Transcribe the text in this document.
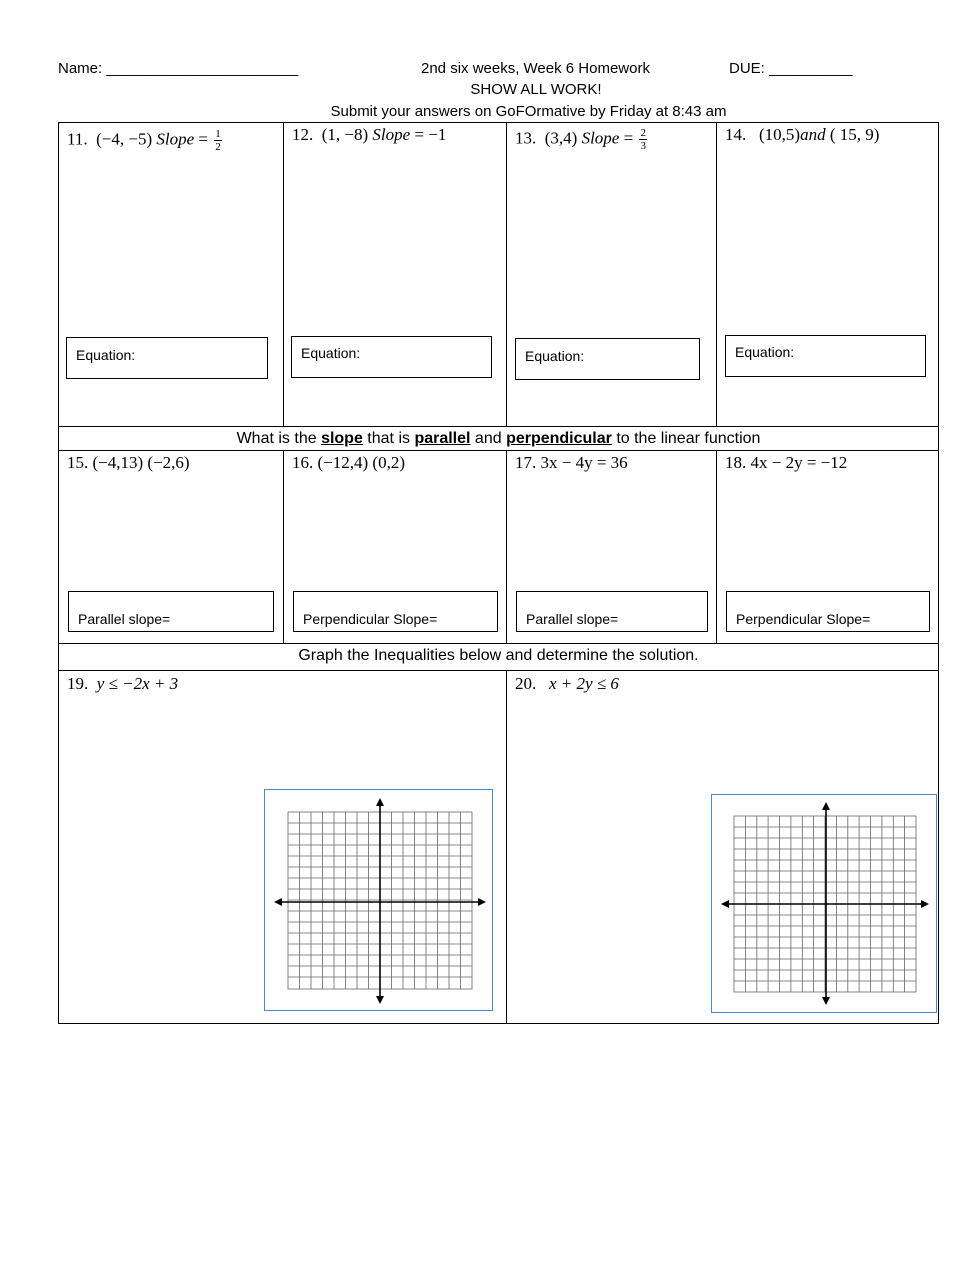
Name: _______________________	2nd six weeks, Week 6 Homework	DUE: __________
SHOW ALL WORK!
Submit your answers on GoFOrmative by Friday at 8:43 am
11. (−4, −5) Slope = $\frac{1}{2}$	12. (1, −8) Slope = −1	13. (3,4) Slope = $\frac{2}{3}$	14. (10,5)and ( 15, 9)
Equation:	Equation:	Equation:	Equation:
What is the slope that is parallel and perpendicular to the linear function
15. (−4,13) (−2,6)	16. (−12,4) (0,2)	17. 3x − 4y = 36	18. 4x − 2y = −12
Parallel slope=	Perpendicular Slope=	Parallel slope=	Perpendicular Slope=
Graph the Inequalities below and determine the solution.
19. y ≤ −2x + 3	20. x + 2y ≤ 6
